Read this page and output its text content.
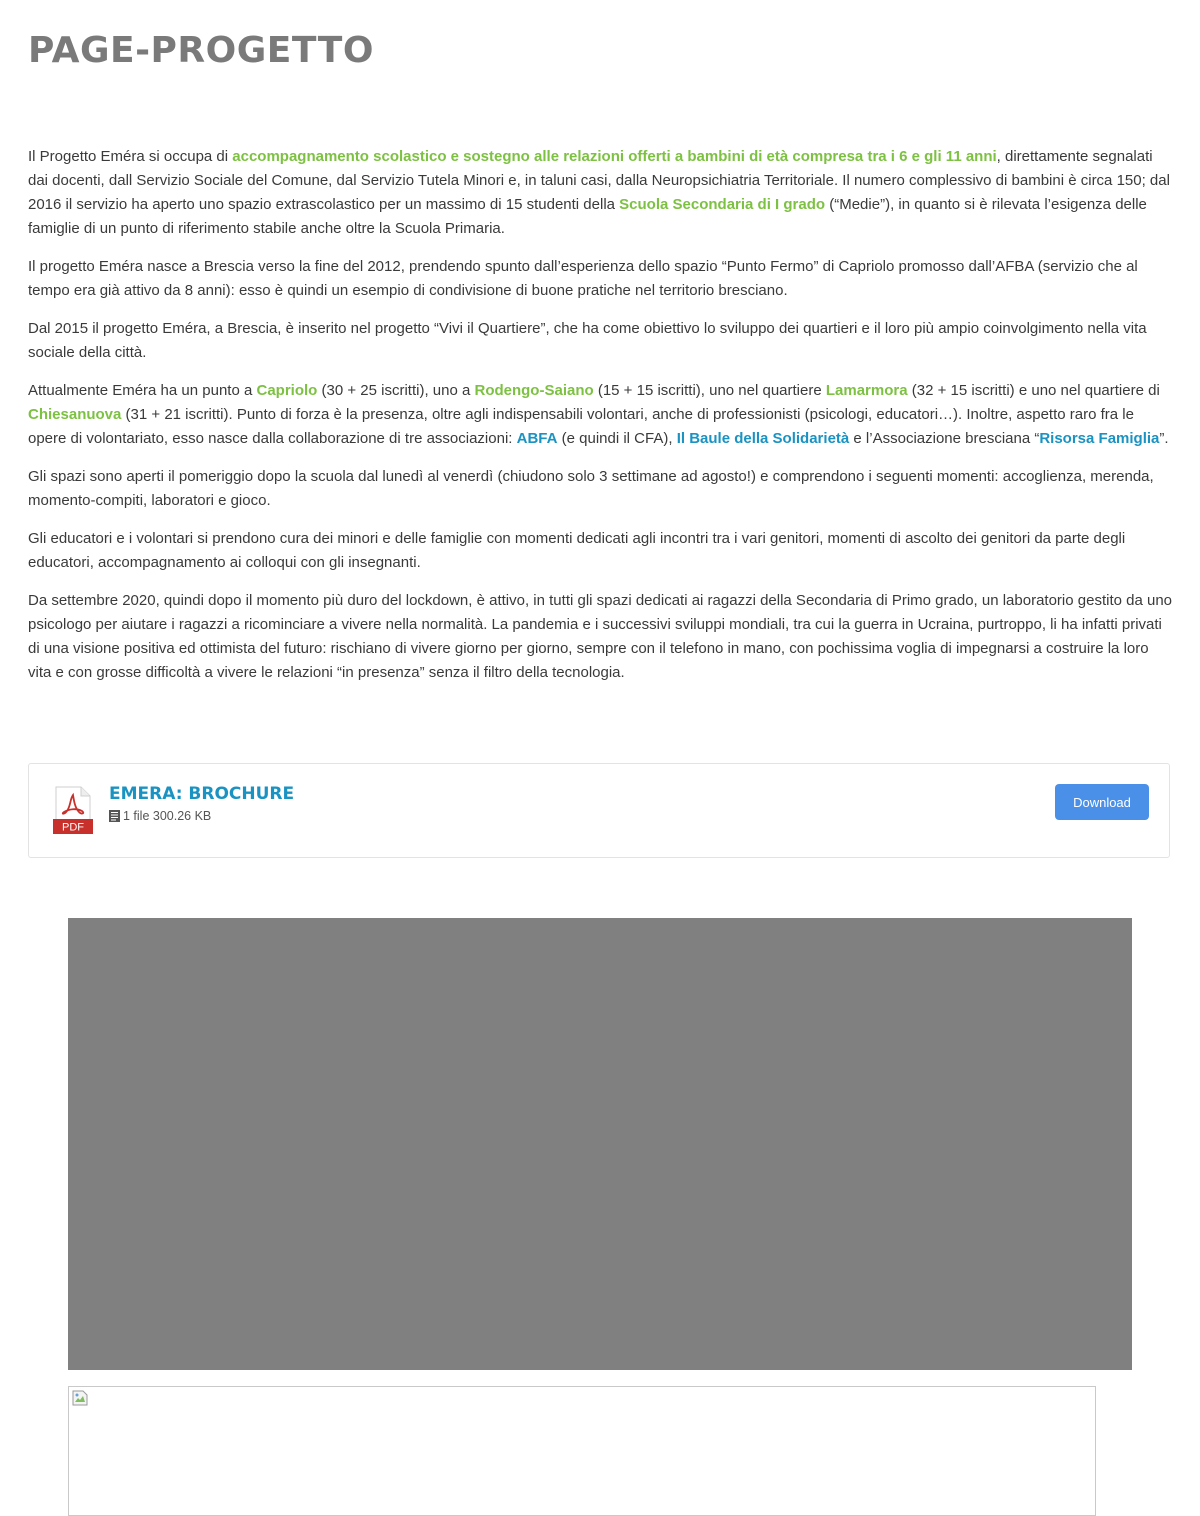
PAGE-PROGETTO

Il Progetto Eméra si occupa di accompagnamento scolastico e sostegno alle relazioni offerti a bambini di età compresa tra i 6 e gli 11 anni, direttamente segnalati dai docenti, dall Servizio Sociale del Comune, dal Servizio Tutela Minori e, in taluni casi, dalla Neuropsichiatria Territoriale. Il numero complessivo di bambini è circa 150; dal 2016 il servizio ha aperto uno spazio extrascolastico per un massimo di 15 studenti della Scuola Secondaria di I grado (“Medie”), in quanto si è rilevata l’esigenza delle famiglie di un punto di riferimento stabile anche oltre la Scuola Primaria.

Il progetto Eméra nasce a Brescia verso la fine del 2012, prendendo spunto dall’esperienza dello spazio “Punto Fermo” di Capriolo promosso dall’AFBA (servizio che al tempo era già attivo da 8 anni): esso è quindi un esempio di condivisione di buone pratiche nel territorio bresciano.

Dal 2015 il progetto Eméra, a Brescia, è inserito nel progetto “Vivi il Quartiere”, che ha come obiettivo lo sviluppo dei quartieri e il loro più ampio coinvolgimento nella vita sociale della città.

Attualmente Eméra ha un punto a Capriolo (30 + 25 iscritti), uno a Rodengo-Saiano (15 + 15 iscritti), uno nel quartiere Lamarmora (32 + 15 iscritti) e uno nel quartiere di Chiesanuova (31 + 21 iscritti). Punto di forza è la presenza, oltre agli indispensabili volontari, anche di professionisti (psicologi, educatori…). Inoltre, aspetto raro fra le opere di volontariato, esso nasce dalla collaborazione di tre associazioni: ABFA (e quindi il CFA), Il Baule della Solidarietà e l’Associazione bresciana “Risorsa Famiglia”.

Gli spazi sono aperti il pomeriggio dopo la scuola dal lunedì al venerdì (chiudono solo 3 settimane ad agosto!) e comprendono i seguenti momenti: accoglienza, merenda, momento-compiti, laboratori e gioco.

Gli educatori e i volontari si prendono cura dei minori e delle famiglie con momenti dedicati agli incontri tra i vari genitori, momenti di ascolto dei genitori da parte degli educatori, accompagnamento ai colloqui con gli insegnanti.

Da settembre 2020, quindi dopo il momento più duro del lockdown, è attivo, in tutti gli spazi dedicati ai ragazzi della Secondaria di Primo grado, un laboratorio gestito da uno psicologo per aiutare i ragazzi a ricominciare a vivere nella normalità. La pandemia e i successivi sviluppi mondiali, tra cui la guerra in Ucraina, purtroppo, li ha infatti privati di una visione positiva ed ottimista del futuro: rischiano di vivere giorno per giorno, sempre con il telefono in mano, con pochissima voglia di impegnarsi a costruire la loro vita e con grosse difficoltà a vivere le relazioni “in presenza” senza il filtro della tecnologia.

PDF
EMERA: BROCHURE
1 file 300.26 KB
Download
